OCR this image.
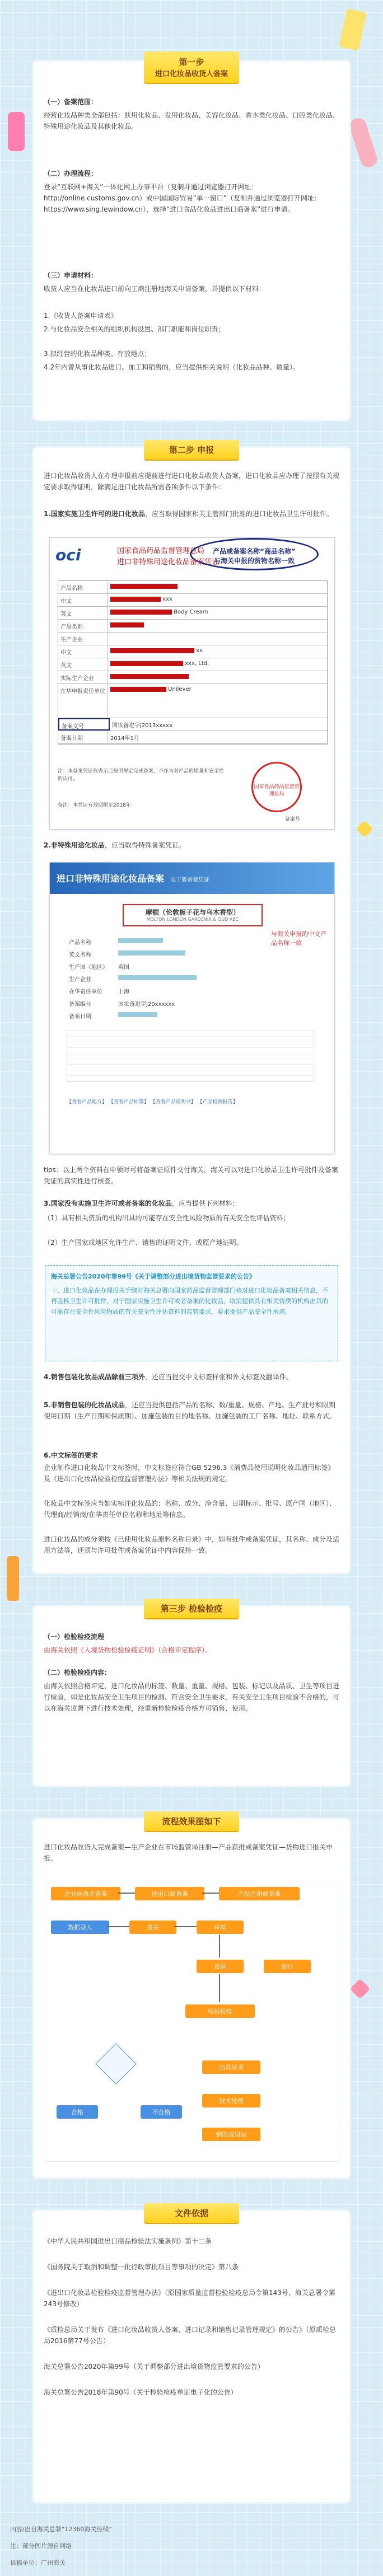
第一步
进口化妆品收货人备案
（一）备案范围：
经营化妆品种类全部包括：肤用化妆品、发用化妆品、美容化妆品、香水类化妆品、口腔类化妆品、特殊用途化妆品及其他化妆品。
（二）办理流程：
登录“互联网+海关”一体化网上办事平台（复制并通过浏览器打开网址：http://online.customs.gov.cn）或中国国际贸易“单一窗口”（复制并通过浏览器打开网址：https://www.sing.lewindow.cn），选择“进口食品化妆品进出口商备案”进行申请。
（三）申请材料：
收货人应当在化妆品进口前向工商注册地海关申请备案，并提供以下材料：
1.《收货人备案申请表》
2.与化妆品安全相关的组织机构设置、部门职能和岗位职责；
3.拟经营的化妆品种类、存放地点；
4.2年内曾从事化妆品进口、加工和销售的，应当提供相关说明（化妆品品种、数量）。
第二步 申报
进口化妆品收货人在办理申报前应提前进行进口化妆品收货人备案，进口化妆品应办理了按照有关规定要求取得证明，除满足进口化妆品所需各项条件以下条件：
1.国家实施卫生许可的进口化妆品，应当取得国家相关主管部门批准的进口化妆品卫生许可批件。
oci	国家食品药品监督管理总局
进口非特殊用途化妆品备案凭证
产品或备案名称“商品名称”
与海关申报的货物名称一致
产品名称
中文	xxx
英文	Body Cream
产品类别
生产企业
中文	xx
英文	xxx, Ltd.
实际生产企业
在华申报责任单位	Unilever
备案文号	国妆备进字J2013xxxxx
备案日期	2014年1月
国家食品药品监督管理总局
注：本备案凭证仅表示已按照规定完成备案，不作为对产品的质量和安全性的认可。
备注：本凭证有效期限至2018年
备案号
2.非特殊用途化妆品，应当取得特殊备案凭证。
进口非特殊用途化妆品备案 电子版备案凭证
摩顿（伦敦栀子花与乌木香型）
MOLTON LONDON GARDENIA & OUD ABC
与海关申报的中文产品名称一致
产品名称
英文名称
生产国（地区）	英国
生产企业
在华责任单位	上海
备案编号	国妆备进字J20xxxxxx
备案日期
【查看产品配方】 【查看产品标签】 【查看产品说明书】 【产品检测报告】
tips：以上两个资料在申领时可将备案证原件交付海关，海关可以对进口化妆品卫生许可批件及备案凭证的真实性进行核查。
3.国家没有实施卫生许可或者备案的化妆品，应当提供下列材料：
（1）具有相关资质的机构出具的可能存在安全性风险物质的有关安全性评估资料；
（2）生产国家或地区允许生产、销售的证明文件，或原产地证明。
海关总署公告2020年第99号《关于调整部分进出境货物监管要求的公告》
十、进口化妆品在办理报关手续时海关总署向国家药品监督管理部门核对进口化妆品备案相关信息，不再验核卫生许可批件，对于国家实施卫生许可或者备案的化妆品，取消提供具有相关资质的机构出具的可能存在安全性风险物质的有关安全性评估资料的监管要求，要求提供产品安全性承诺。
4.销售包装化妆品成品除前三项外，还应当提交中文标签样张和外文标签及翻译件。
5.非销售包装的化妆品成品，还应当提供包括产品的名称、数/重量、规格、产地、生产批号和限期使用日期（生产日期和保质期）、加施包装的目的地名称、加施包装的工厂名称、地址、联系方式。
6.中文标签的要求
企业制作进口化妆品中文标签时，中文标签应符合GB 5296.3《消费品使用说明化妆品通用标签》及《进出口化妆品检验检疫监督管理办法》等相关法规的规定。
化妆品中文标签应当如实标注化妆品的：名称、成分、净含量、日期标示、批号、原产国（地区）、代理商/经销商/在华责任单位名称和地址等信息。
进口化妆品的成分须按《已使用化妆品原料名称目录》中，如有批件或备案凭证，其名称、成分及适用方法等，还须与许可批件或备案凭证中内容保持一致。
第三步 检验检疫
（一）检验检疫流程
由海关依照《入境货物检验检疫证明》（合格评定程序）。
（二）检验检疫内容：
由海关依照合格评定，进口化妆品的标签、数量、重量、规格、包装、标记以及品质、卫生等项目进行检验，如是化妆品安全卫生项目的检测、符合安全卫生要求，有关安全卫生项目检验不合格的，可以在海关监督下进行技术处理，经重新检验检疫合格方可销售、使用。
流程效果图如下
进口化妆品收货人完成备案—生产企业在市场监管局注册—产品获批或备案凭证—货物进口报关申报。
企业向海关备案	进出口商备案	产品注册或备案
数据录入	报关	审单
查验	放行
检验检疫
合格	不合格
出具证书
技术处理
销毁或退运
文件依据
《中华人民共和国进出口商品检验法实施条例》第十二条
《国务院关于取消和调整一批行政审批项目等事项的决定》第八条
《进出口化妆品检验检疫监督管理办法》（原国家质量监督检验检疫总局令第143号，海关总署令第243号修改）
《质检总局关于发布《进口化妆品收货人备案、进口记录和销售记录管理规定》的公告》（原质检总局2016第77号公告）
海关总署公告2020年第99号（关于调整部分进出境货物监管要求的公告）
海关总署公告2018年第90号（关于检验检疫单证电子化的公告）
内容/出自海关总署“12360海关热线”
注：部分图片源自网络
供稿单位：广州海关
